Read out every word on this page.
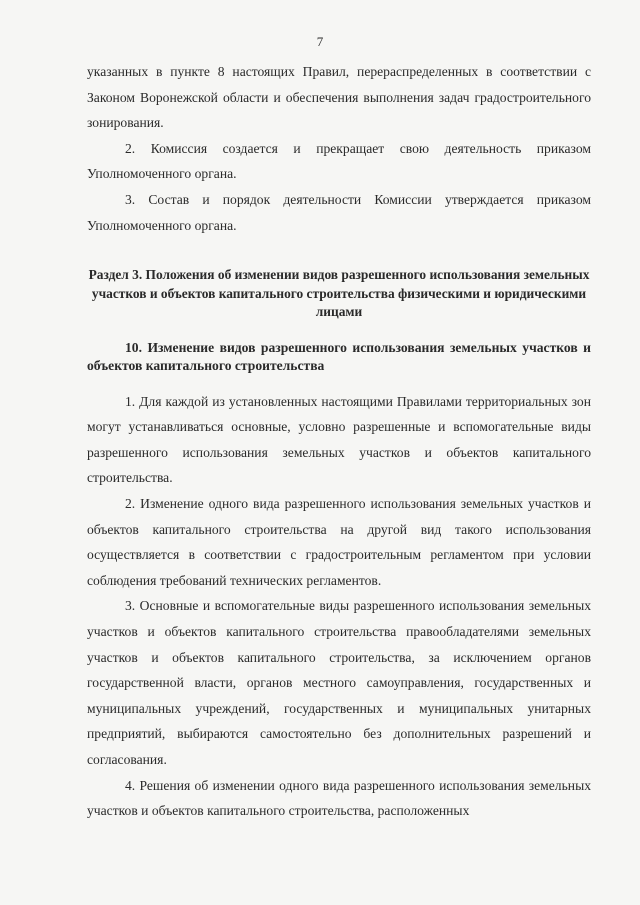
7

указанных в пункте 8 настоящих Правил, перераспределенных в соответствии с Законом Воронежской области и обеспечения выполнения задач градостроительного зонирования.

2. Комиссия создается и прекращает свою деятельность приказом Уполномоченного органа.

3. Состав и порядок деятельности Комиссии утверждается приказом Уполномоченного органа.

Раздел 3. Положения об изменении видов разрешенного использования земельных участков и объектов капитального строительства физическими и юридическими лицами
10. Изменение видов разрешенного использования земельных участков и объектов капитального строительства

1. Для каждой из установленных настоящими Правилами территориальных зон могут устанавливаться основные, условно разрешенные и вспомогательные виды разрешенного использования земельных участков и объектов капитального строительства.

2. Изменение одного вида разрешенного использования земельных участков и объектов капитального строительства на другой вид такого использования осуществляется в соответствии с градостроительным регламентом при условии соблюдения требований технических регламентов.

3. Основные и вспомогательные виды разрешенного использования земельных участков и объектов капитального строительства правообладателями земельных участков и объектов капитального строительства, за исключением органов государственной власти, органов местного самоуправления, государственных и муниципальных учреждений, государственных и муниципальных унитарных предприятий, выбираются самостоятельно без дополнительных разрешений и согласования.

4. Решения об изменении одного вида разрешенного использования земельных участков и объектов капитального строительства, расположенных
